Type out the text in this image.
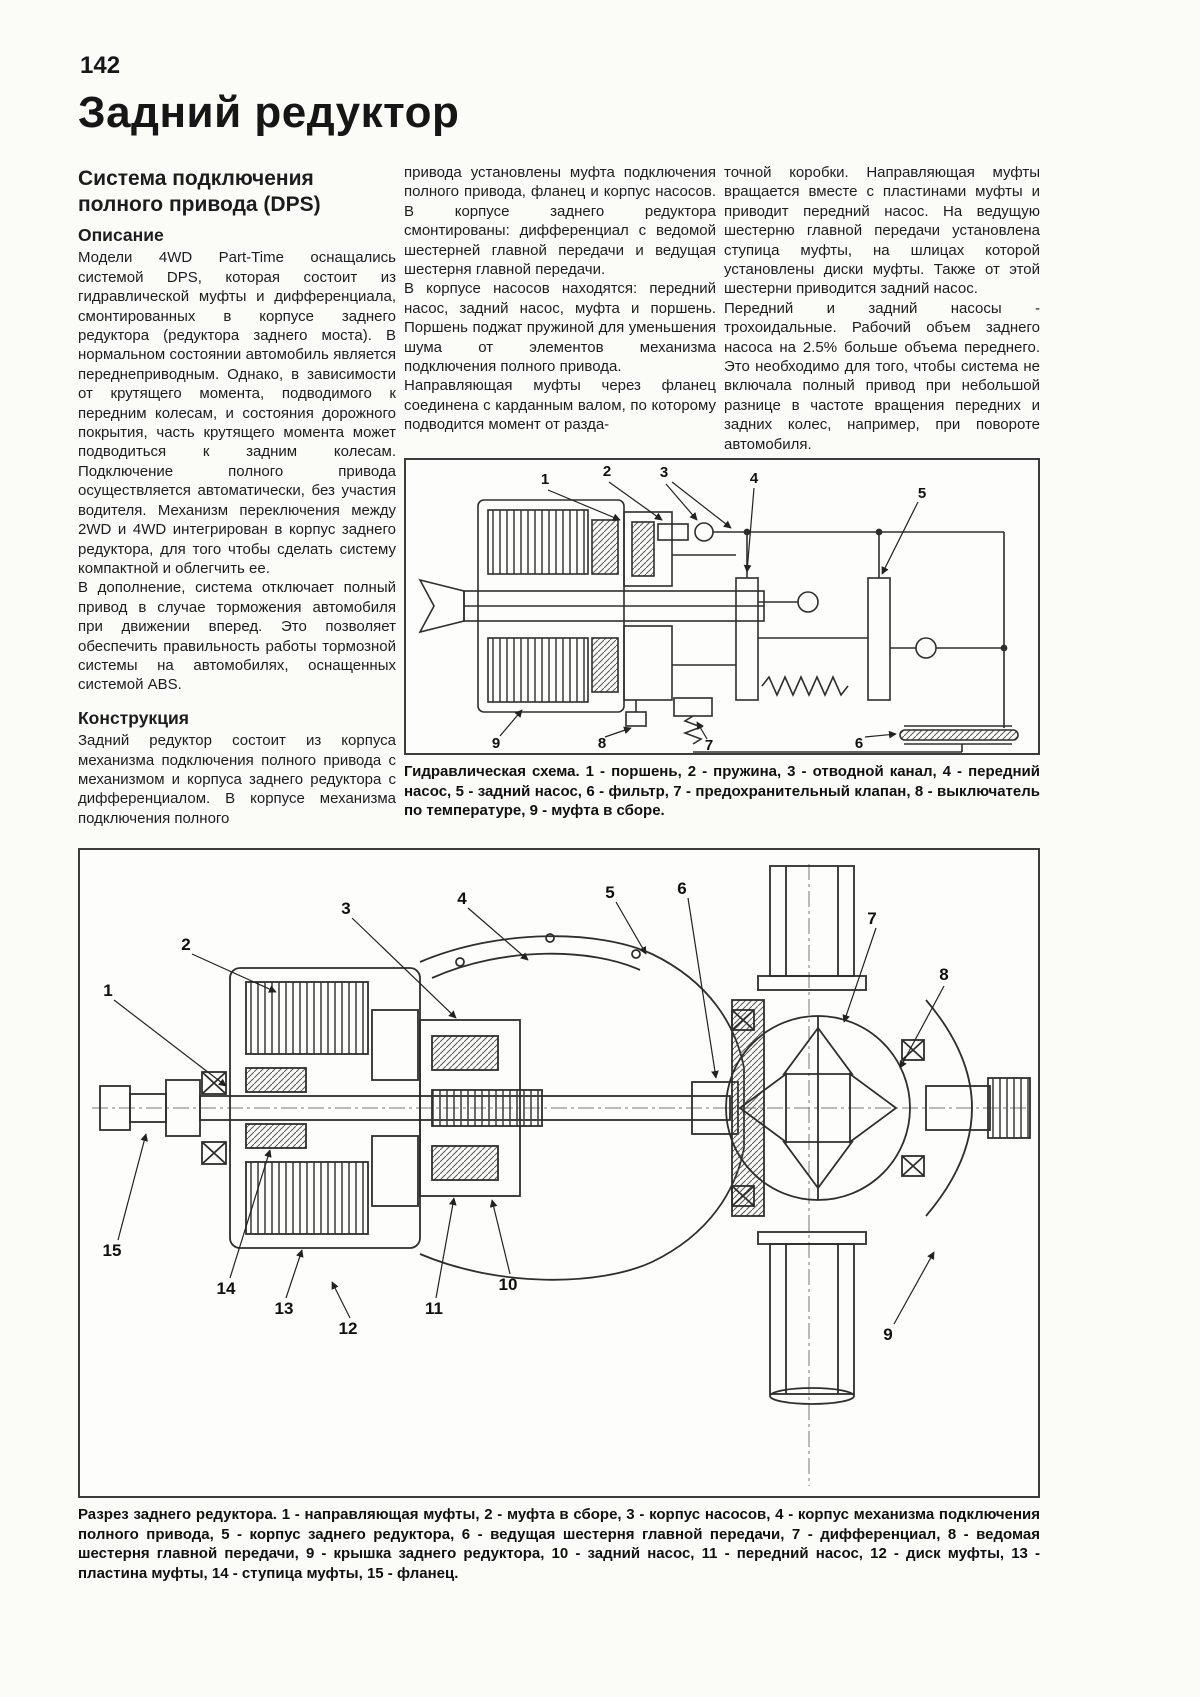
142
Задний редуктор
Система подключения полного привода (DPS)
Описание

Модели 4WD Part-Time оснащались системой DPS, которая состоит из гидравлической муфты и дифференциала, смонтированных в корпусе заднего редуктора (редуктора заднего моста). В нормальном состоянии автомобиль является переднеприводным. Однако, в зависимости от крутящего момента, подводимого к передним колесам, и состояния дорожного покрытия, часть крутящего момента может подводиться к задним колесам. Подключение полного привода осуществляется автоматически, без участия водителя. Механизм переключения между 2WD и 4WD интегрирован в корпус заднего редуктора, для того чтобы сделать систему компактной и облегчить ее.

В дополнение, система отключает полный привод в случае торможения автомобиля при движении вперед. Это позволяет обеспечить правильность работы тормозной системы на автомобилях, оснащенных системой ABS.

Конструкция

Задний редуктор состоит из корпуса механизма подключения полного привода с механизмом и корпуса заднего редуктора с дифференциалом. В корпусе механизма подключения полного

привода установлены муфта подключения полного привода, фланец и корпус насосов. В корпусе заднего редуктора смонтированы: дифференциал с ведомой шестерней главной передачи и ведущая шестерня главной передачи.

В корпусе насосов находятся: передний насос, задний насос, муфта и поршень. Поршень поджат пружиной для уменьшения шума от элементов механизма подключения полного привода.

Направляющая муфты через фланец соединена с карданным валом, по которому подводится момент от разда-

точной коробки. Направляющая муфты вращается вместе с пластинами муфты и приводит передний насос. На ведущую шестерню главной передачи установлена ступица муфты, на шлицах которой установлены диски муфты. Также от этой шестерни приводится задний насос.

Передний и задний насосы - трохоидальные. Рабочий объем заднего насоса на 2.5% больше объема переднего. Это необходимо для того, чтобы система не включала полный привод при небольшой разнице в частоте вращения передних и задних колес, например, при повороте автомобиля.

1	2	3	4
5
6
7
8
9
Гидравлическая схема. 1 - поршень, 2 - пружина, 3 - отводной канал, 4 - передний насос, 5 - задний насос, 6 - фильтр, 7 - предохранительный клапан, 8 - выключатель по температуре, 9 - муфта в сборе.
1
2
3
4	5	6
7
8
9
10
11
12
13
14
15
Разрез заднего редуктора. 1 - направляющая муфты, 2 - муфта в сборе, 3 - корпус насосов, 4 - корпус механизма подключения полного привода, 5 - корпус заднего редуктора, 6 - ведущая шестерня главной передачи, 7 - дифференциал, 8 - ведомая шестерня главной передачи, 9 - крышка заднего редуктора, 10 - задний насос, 11 - передний насос, 12 - диск муфты, 13 - пластина муфты, 14 - ступица муфты, 15 - фланец.
